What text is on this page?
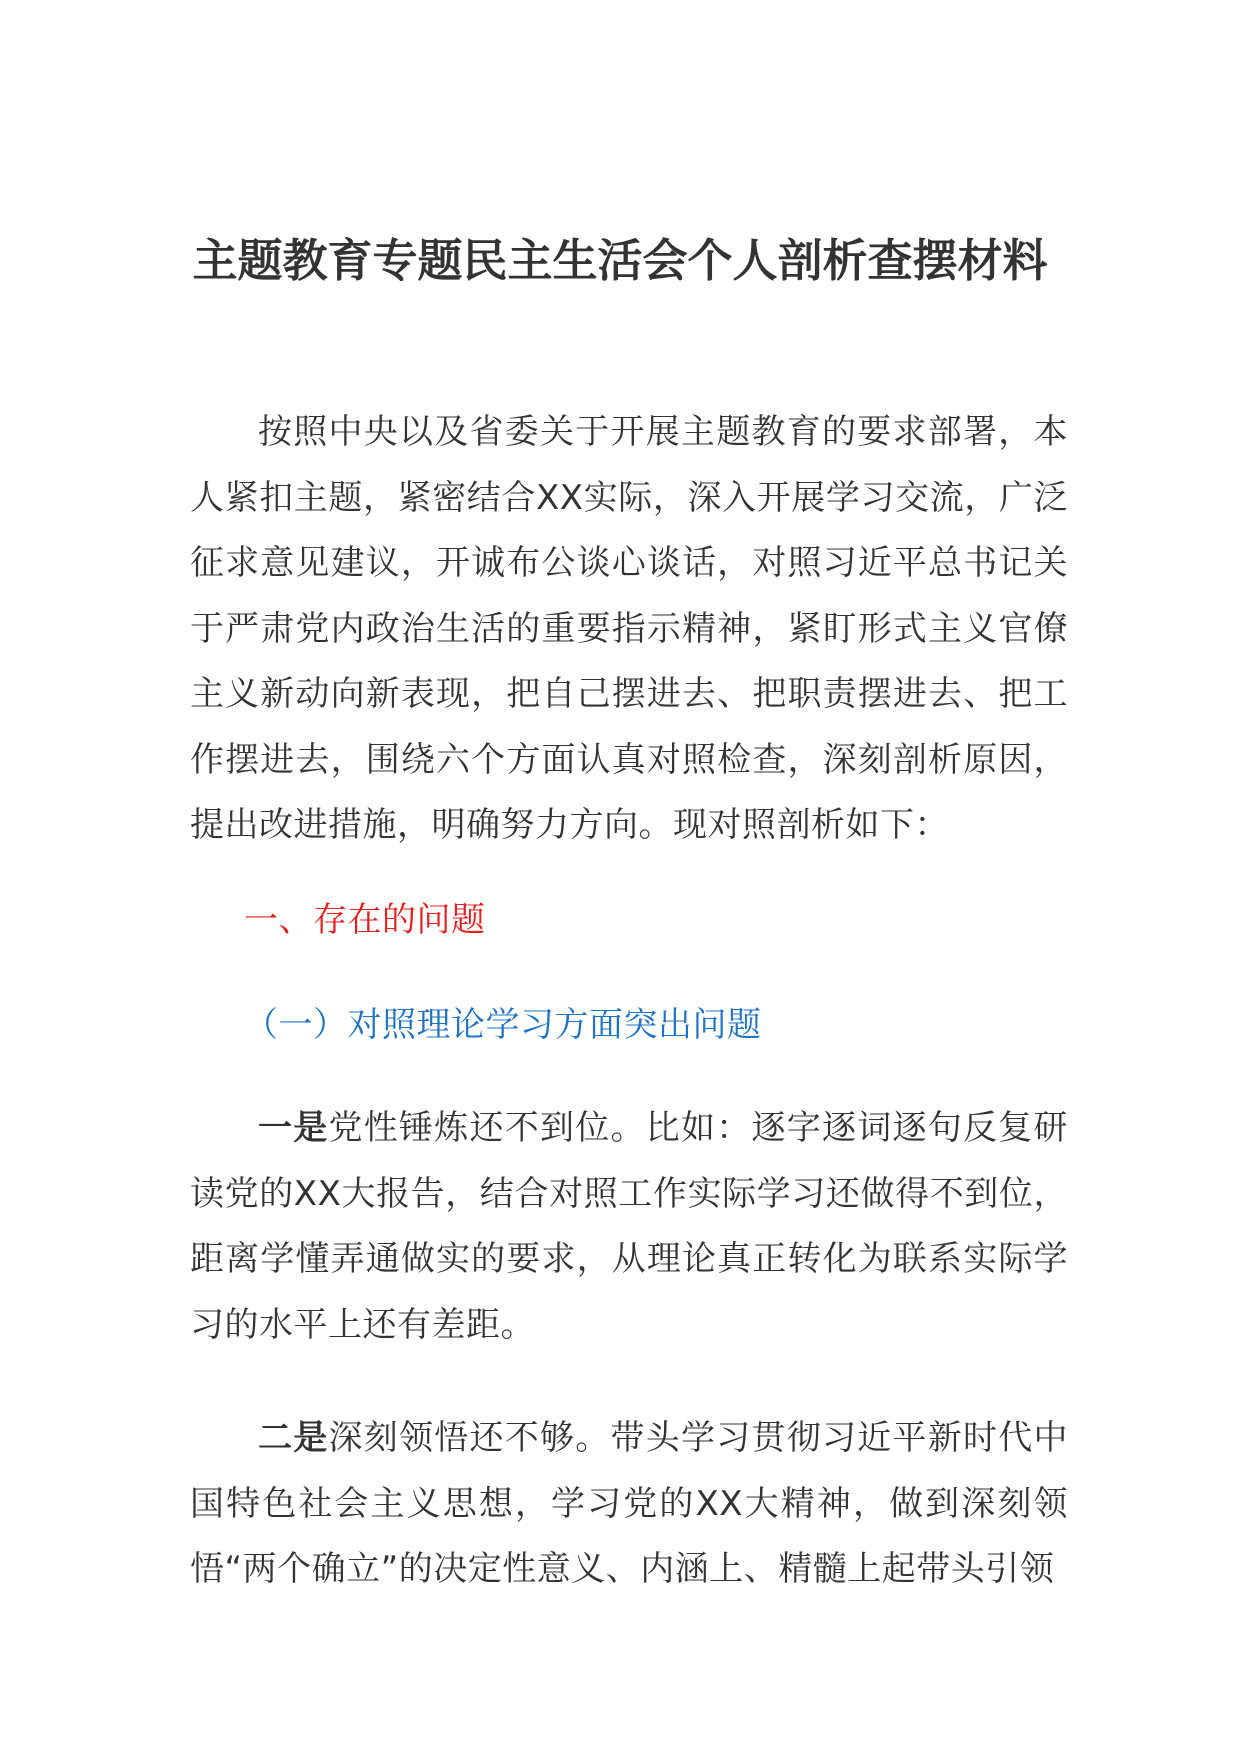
主题教育专题民主生活会个人剖析查摆材料

按照中央以及省委关于开展主题教育的要求部署，本人紧扣主题，紧密结合XX实际，深入开展学习交流，广泛征求意见建议，开诚布公谈心谈话，对照习近平总书记关于严肃党内政治生活的重要指示精神，紧盯形式主义官僚主义新动向新表现，把自己摆进去、把职责摆进去、把工作摆进去，围绕六个方面认真对照检查，深刻剖析原因，提出改进措施，明确努力方向。现对照剖析如下：

一、存在的问题

（一）对照理论学习方面突出问题

一是党性锤炼还不到位。比如：逐字逐词逐句反复研读党的XX大报告，结合对照工作实际学习还做得不到位，距离学懂弄通做实的要求，从理论真正转化为联系实际学习的水平上还有差距。

二是深刻领悟还不够。带头学习贯彻习近平新时代中国特色社会主义思想，学习党的XX大精神，做到深刻领悟“两个确立”的决定性意义、内涵上、精髓上起带头引领
